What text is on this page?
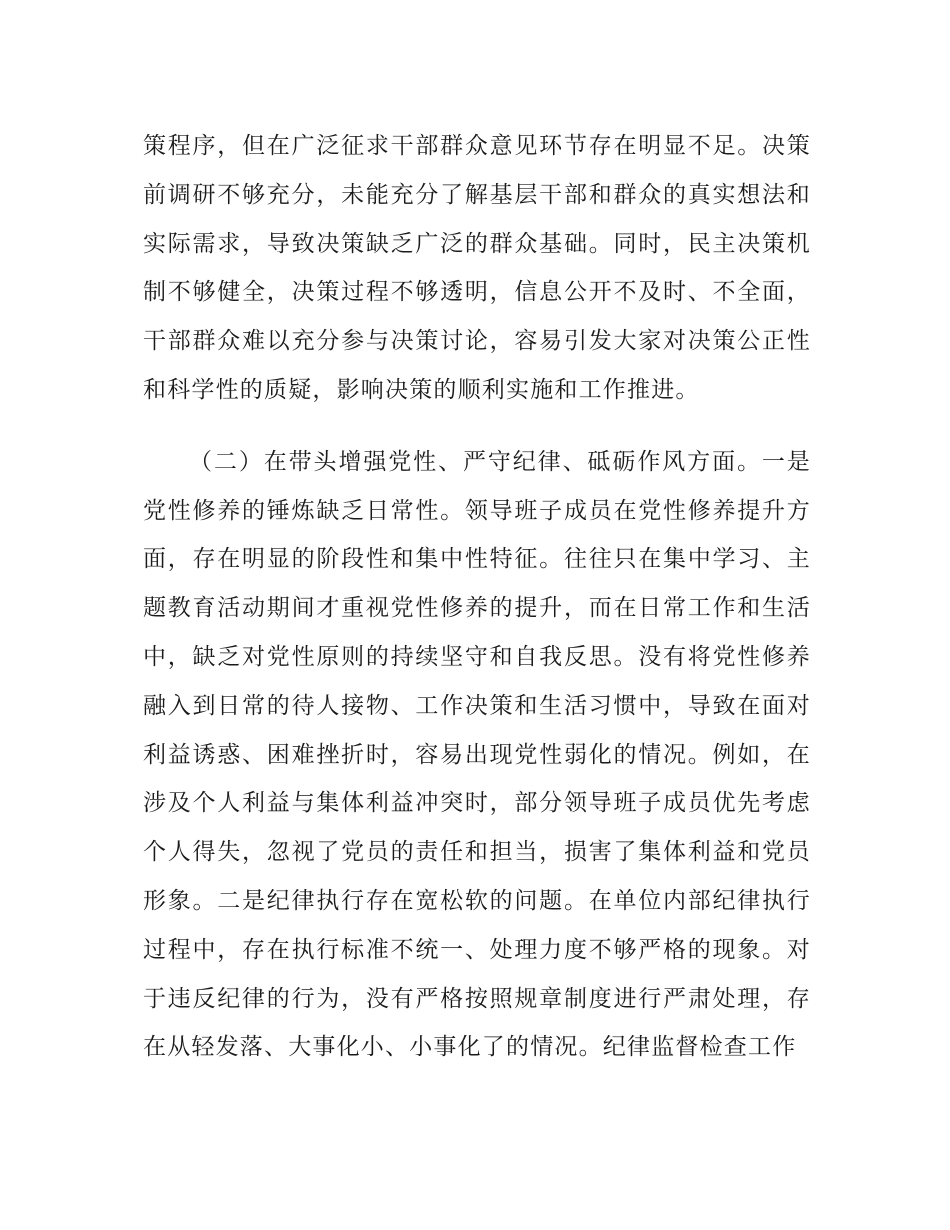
策程序，但在广泛征求干部群众意见环节存在明显不足。决策前调研不够充分，未能充分了解基层干部和群众的真实想法和实际需求，导致决策缺乏广泛的群众基础。同时，民主决策机制不够健全，决策过程不够透明，信息公开不及时、不全面，干部群众难以充分参与决策讨论，容易引发大家对决策公正性和科学性的质疑，影响决策的顺利实施和工作推进。

（二）在带头增强党性、严守纪律、砥砺作风方面。一是党性修养的锤炼缺乏日常性。领导班子成员在党性修养提升方面，存在明显的阶段性和集中性特征。往往只在集中学习、主题教育活动期间才重视党性修养的提升，而在日常工作和生活中，缺乏对党性原则的持续坚守和自我反思。没有将党性修养融入到日常的待人接物、工作决策和生活习惯中，导致在面对利益诱惑、困难挫折时，容易出现党性弱化的情况。例如，在涉及个人利益与集体利益冲突时，部分领导班子成员优先考虑个人得失，忽视了党员的责任和担当，损害了集体利益和党员形象。二是纪律执行存在宽松软的问题。在单位内部纪律执行过程中，存在执行标准不统一、处理力度不够严格的现象。对于违反纪律的行为，没有严格按照规章制度进行严肃处理，存在从轻发落、大事化小、小事化了的情况。纪律监督检查工作
